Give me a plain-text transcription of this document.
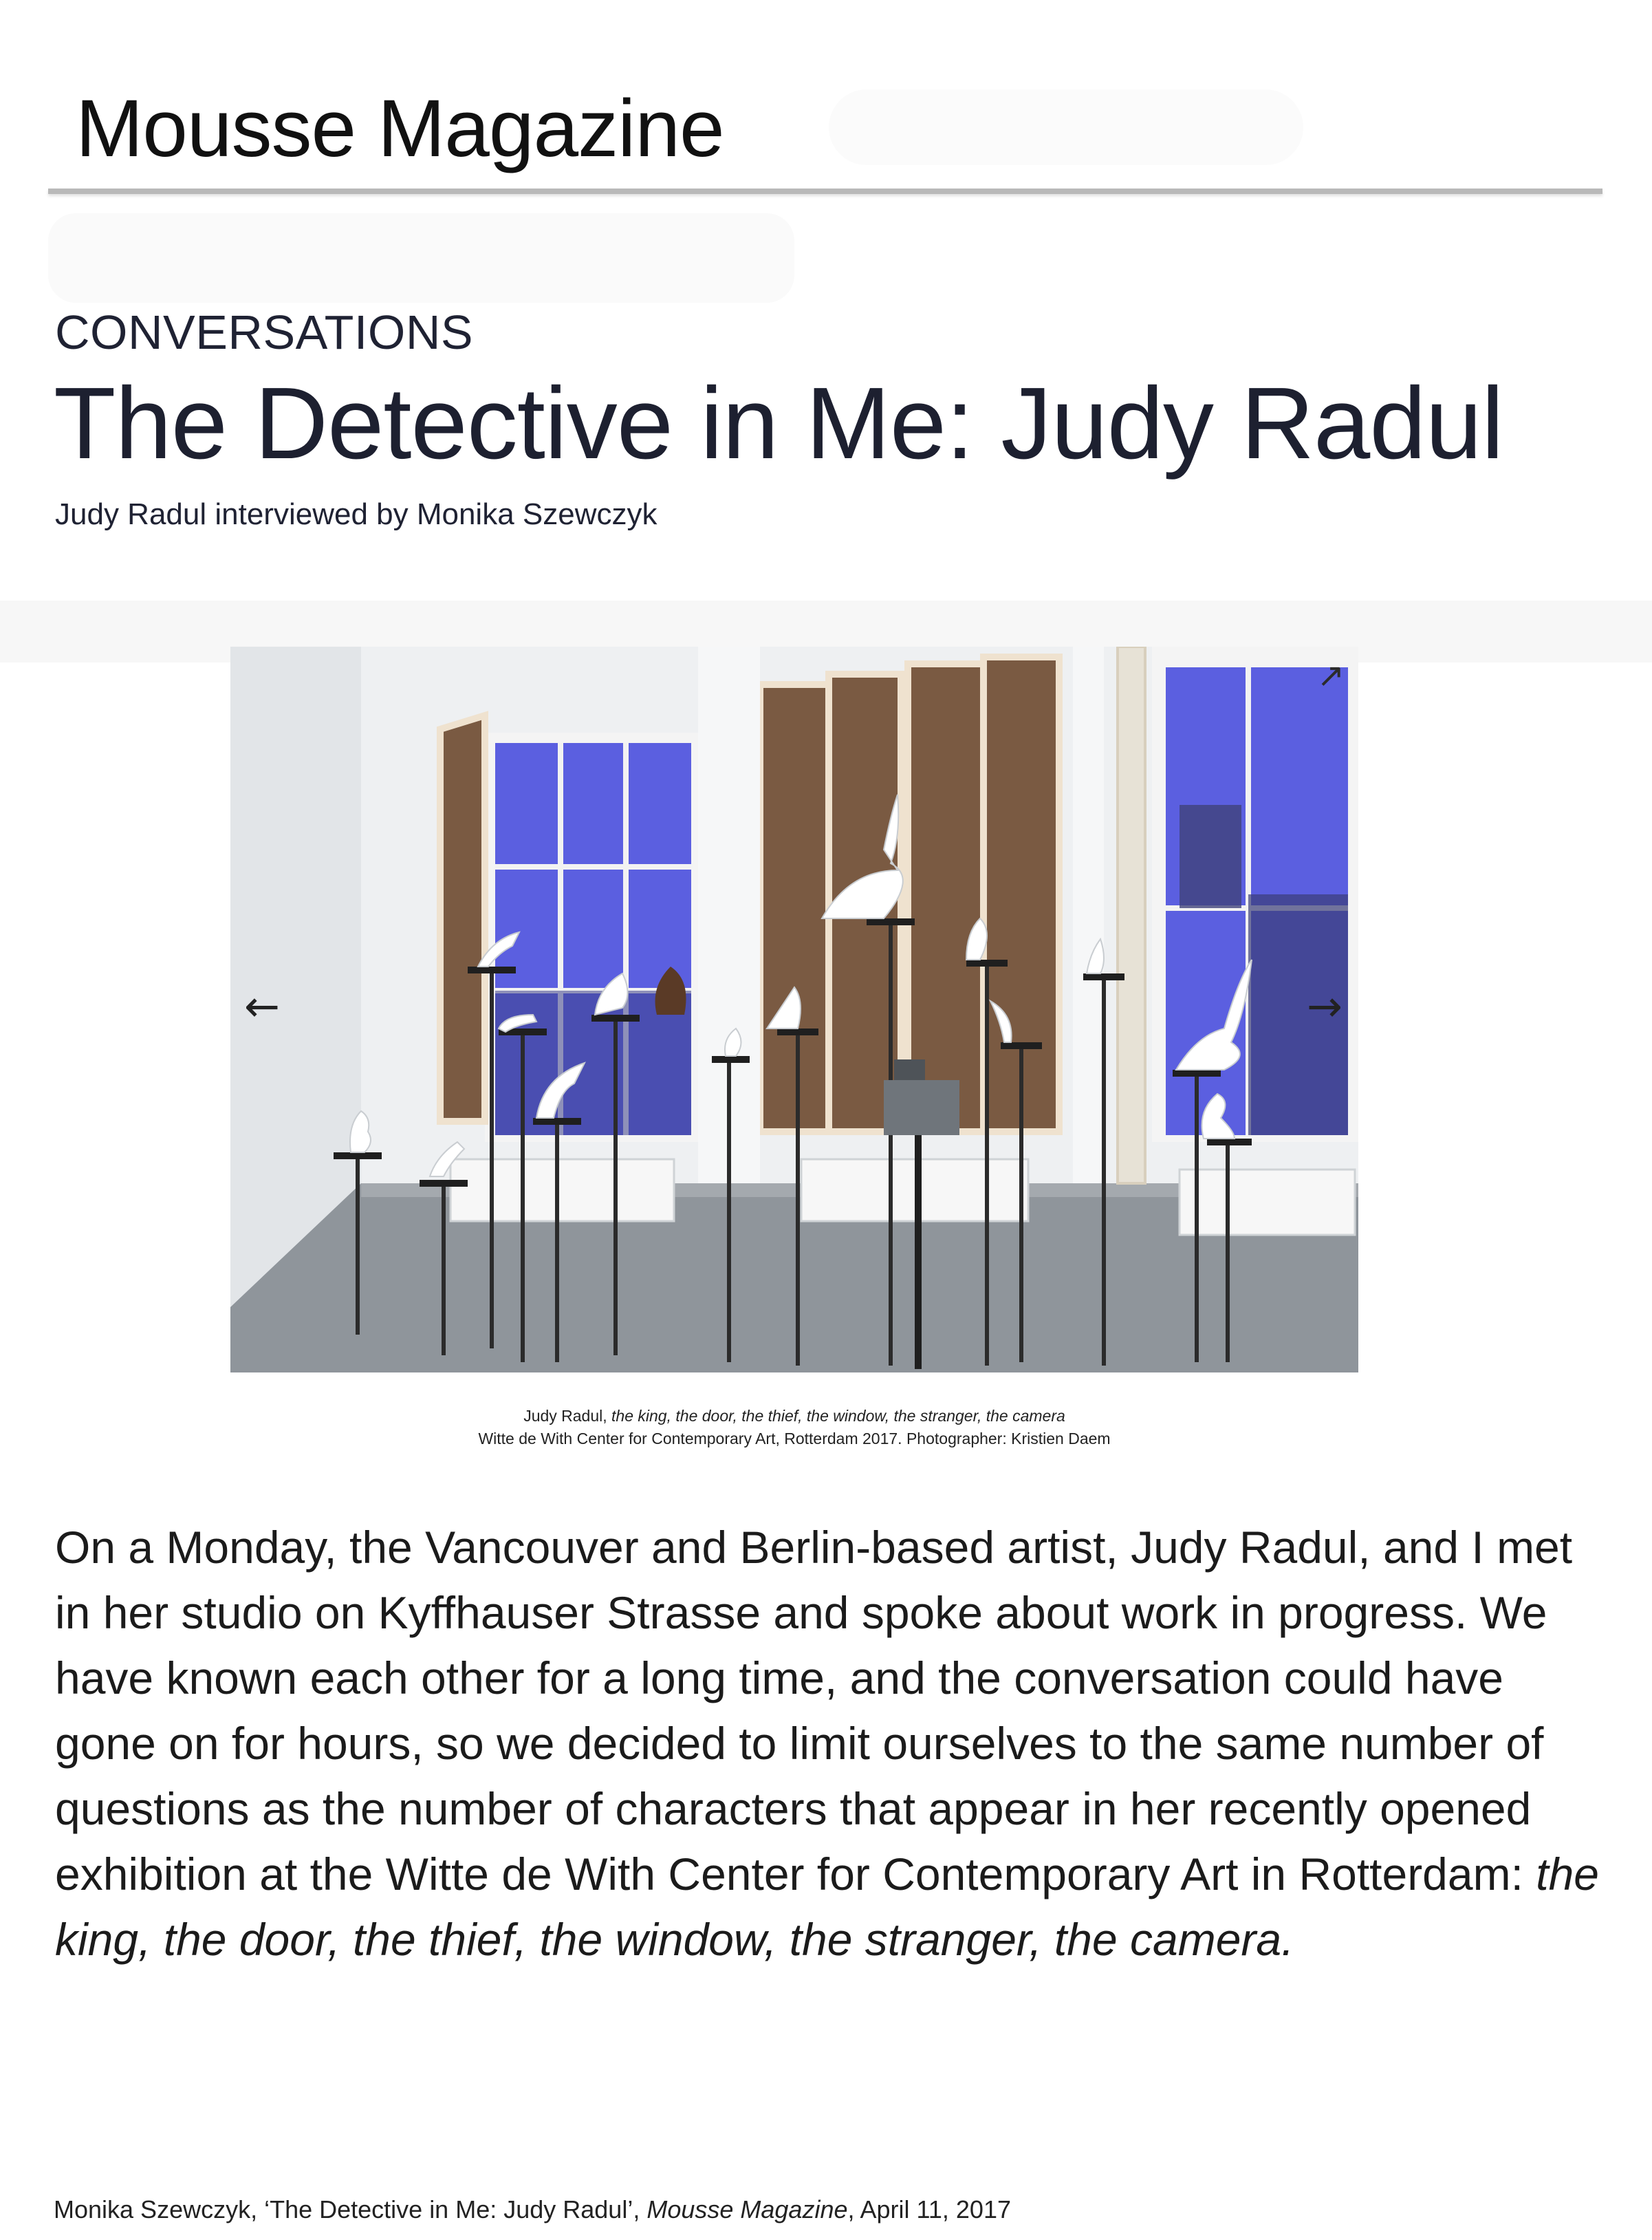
Mousse Magazine
CONVERSATIONS
The Detective in Me: Judy Radul
Judy Radul interviewed by Monika Szewczyk
←	→
↗
Judy Radul, the king, the door, the thief, the window, the stranger, the camera
Witte de With Center for Contemporary Art, Rotterdam 2017. Photographer: Kristien Daem

On a Monday, the Vancouver and Berlin-based artist, Judy Radul, and I met in her studio on Kyffhauser Strasse and spoke about work in progress. We have known each other for a long time, and the conversation could have gone on for hours, so we decided to limit ourselves to the same number of questions as the number of characters that appear in her recently opened exhibition at the Witte de With Center for Contemporary Art in Rotterdam: the king, the door, the thief, the window, the stranger, the camera.

Monika Szewczyk, ‘The Detective in Me: Judy Radul’, Mousse Magazine, April 11, 2017
